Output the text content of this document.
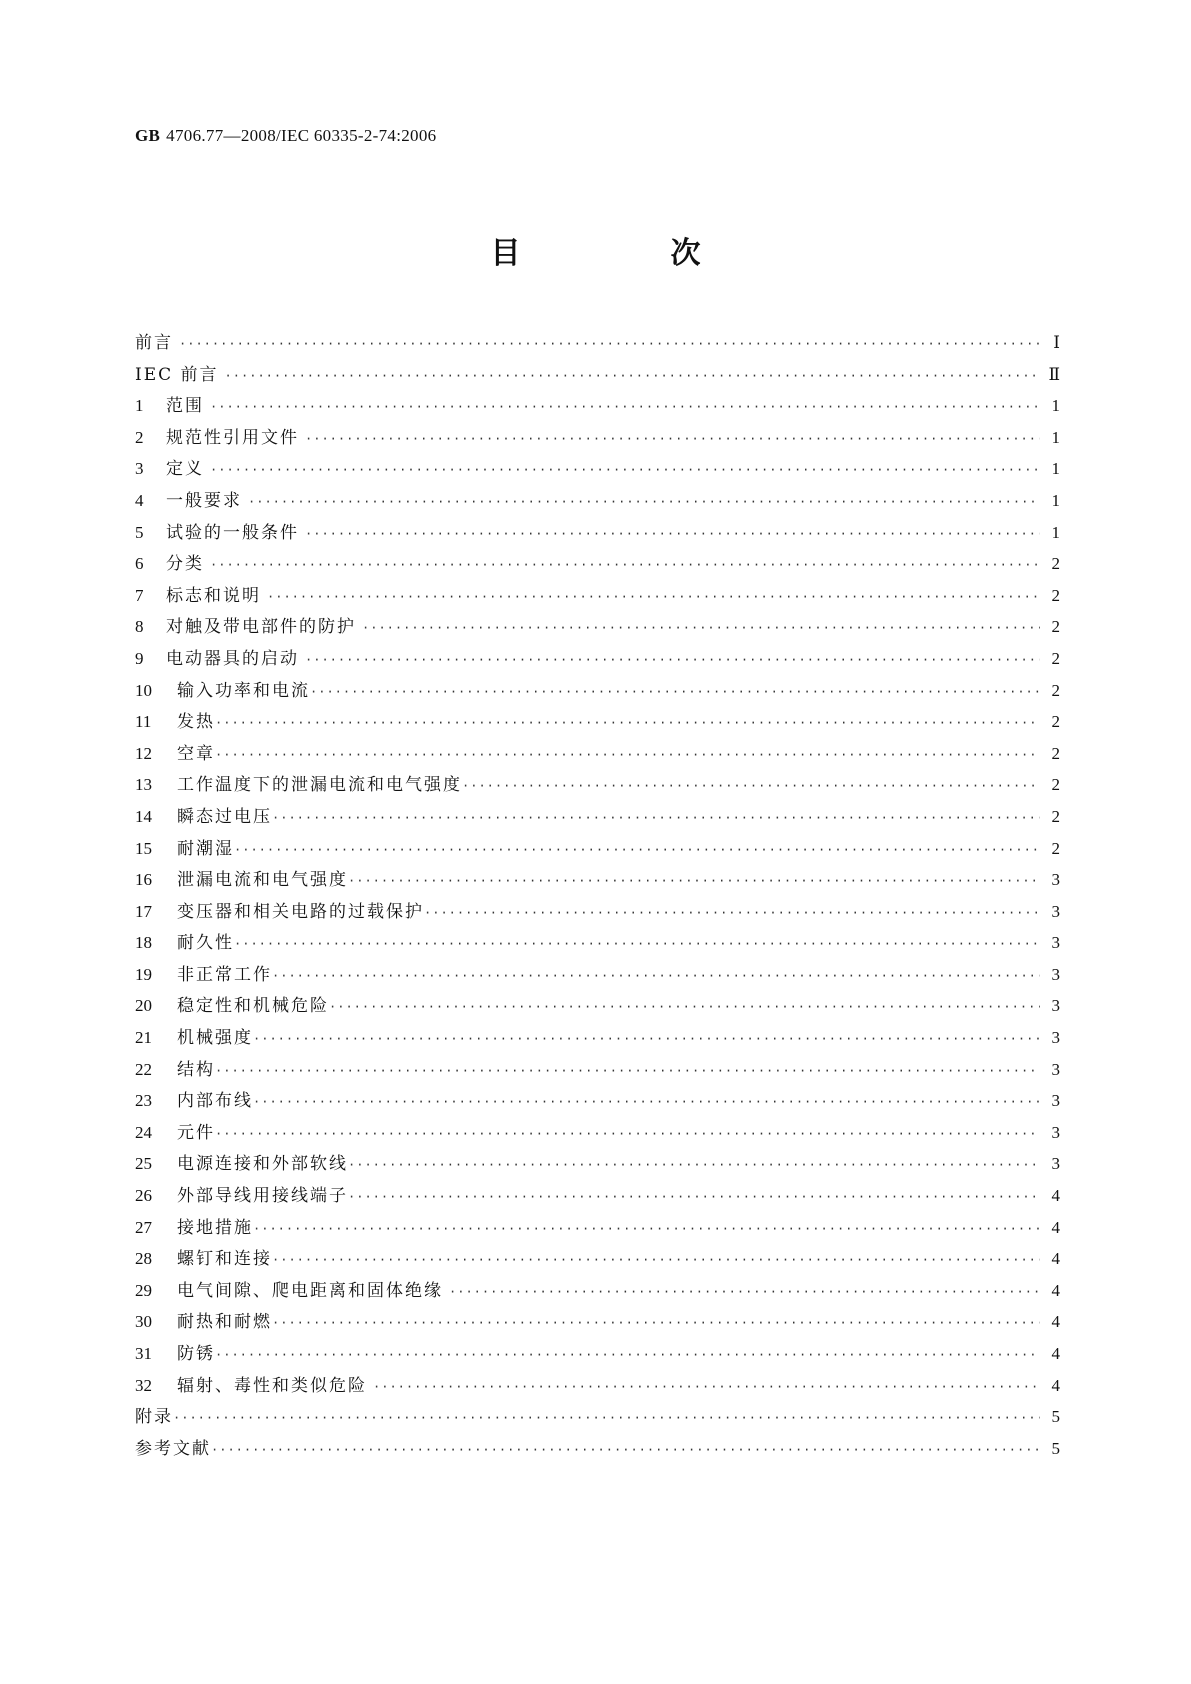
GB 4706.77—2008/IEC 60335-2-74:2006
目　次
前言 ·····	Ⅰ
IEC 前言 ·····	Ⅱ
1	范围 ·····	1
2	规范性引用文件 ·····	1
3	定义 ·····	1
4	一般要求 ·····	1
5	试验的一般条件 ·····	1
6	分类 ·····	2
7	标志和说明 ·····	2
8	对触及带电部件的防护 ·····	2
9	电动器具的启动 ·····	2
10	输入功率和电流 ·····	2
11	发热 ·····	2
12	空章 ·····	2
13	工作温度下的泄漏电流和电气强度 ·····	2
14	瞬态过电压 ·····	2
15	耐潮湿 ·····	2
16	泄漏电流和电气强度 ·····	3
17	变压器和相关电路的过载保护 ·····	3
18	耐久性 ·····	3
19	非正常工作 ·····	3
20	稳定性和机械危险 ·····	3
21	机械强度 ·····	3
22	结构 ·····	3
23	内部布线 ·····	3
24	元件 ·····	3
25	电源连接和外部软线 ·····	3
26	外部导线用接线端子 ·····	4
27	接地措施 ·····	4
28	螺钉和连接 ·····	4
29	电气间隙、爬电距离和固体绝缘 ·····	4
30	耐热和耐燃 ·····	4
31	防锈 ·····	4
32	辐射、毒性和类似危险 ·····	4
附录 ·····	5
参考文献 ·····	5
